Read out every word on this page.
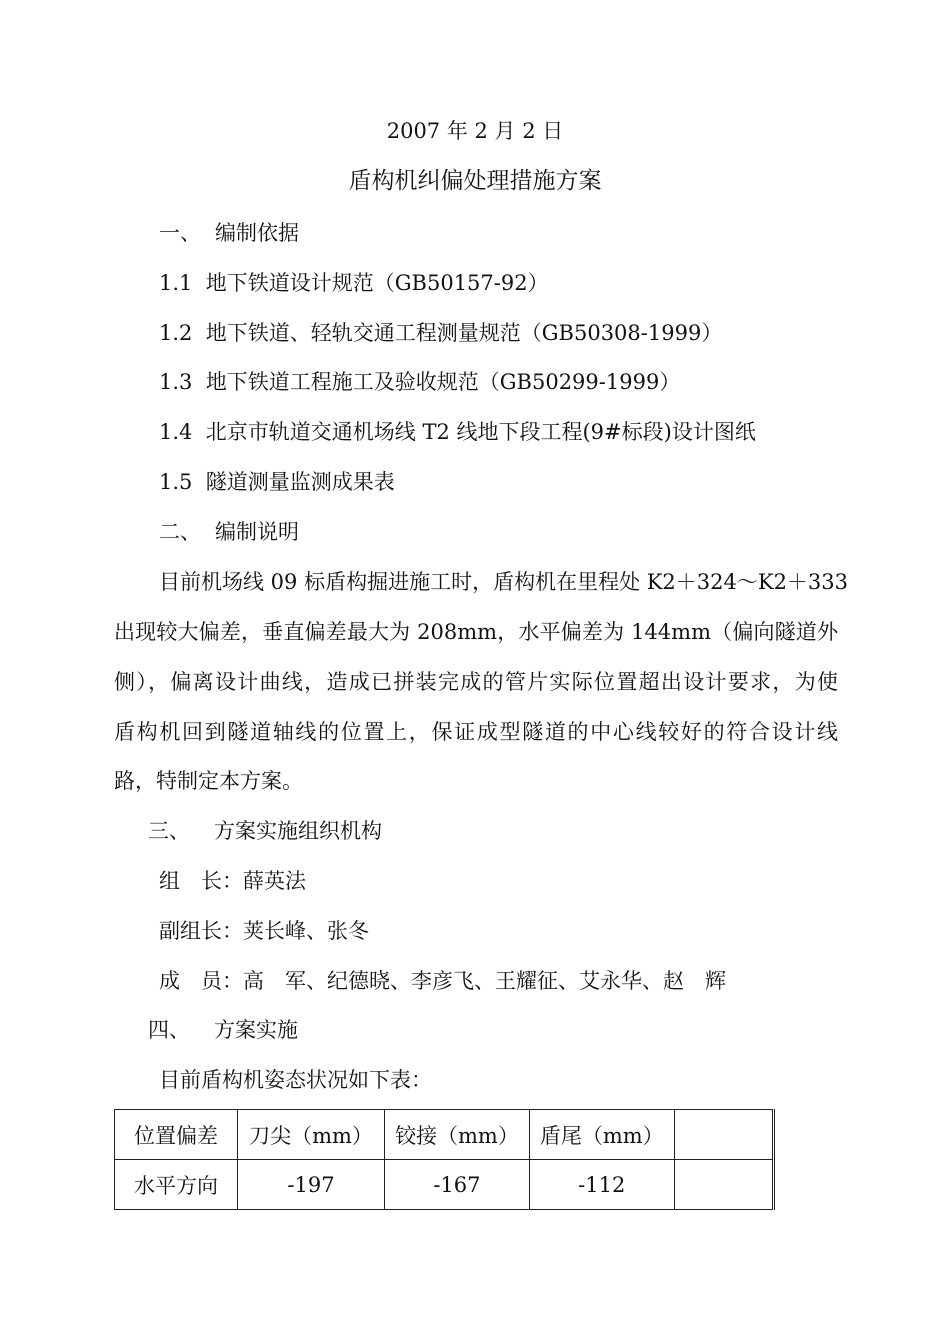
2007 年 2 月 2 日

盾构机纠偏处理措施方案

一、 编制依据

1.1 地下铁道设计规范（GB50157-92）

1.2 地下铁道、轻轨交通工程测量规范（GB50308-1999）

1.3 地下铁道工程施工及验收规范（GB50299-1999）

1.4 北京市轨道交通机场线 T2 线地下段工程(9#标段)设计图纸

1.5 隧道测量监测成果表

二、 编制说明

目前机场线 09 标盾构掘进施工时，盾构机在里程处 K2＋324～K2＋333

出现较大偏差，垂直偏差最大为 208mm，水平偏差为 144mm（偏向隧道外

侧），偏离设计曲线，造成已拼装完成的管片实际位置超出设计要求，为使

盾构机回到隧道轴线的位置上，保证成型隧道的中心线较好的符合设计线

路，特制定本方案。

三、 方案实施组织机构

组　长：薛英法

副组长：荚长峰、张冬

成　员：高　军、纪德晓、李彦飞、王耀征、艾永华、赵　辉

四、 方案实施

目前盾构机姿态状况如下表：

位置偏差	刀尖（mm）	铰接（mm）	盾尾（mm）	
水平方向	-197	-167	-112	
